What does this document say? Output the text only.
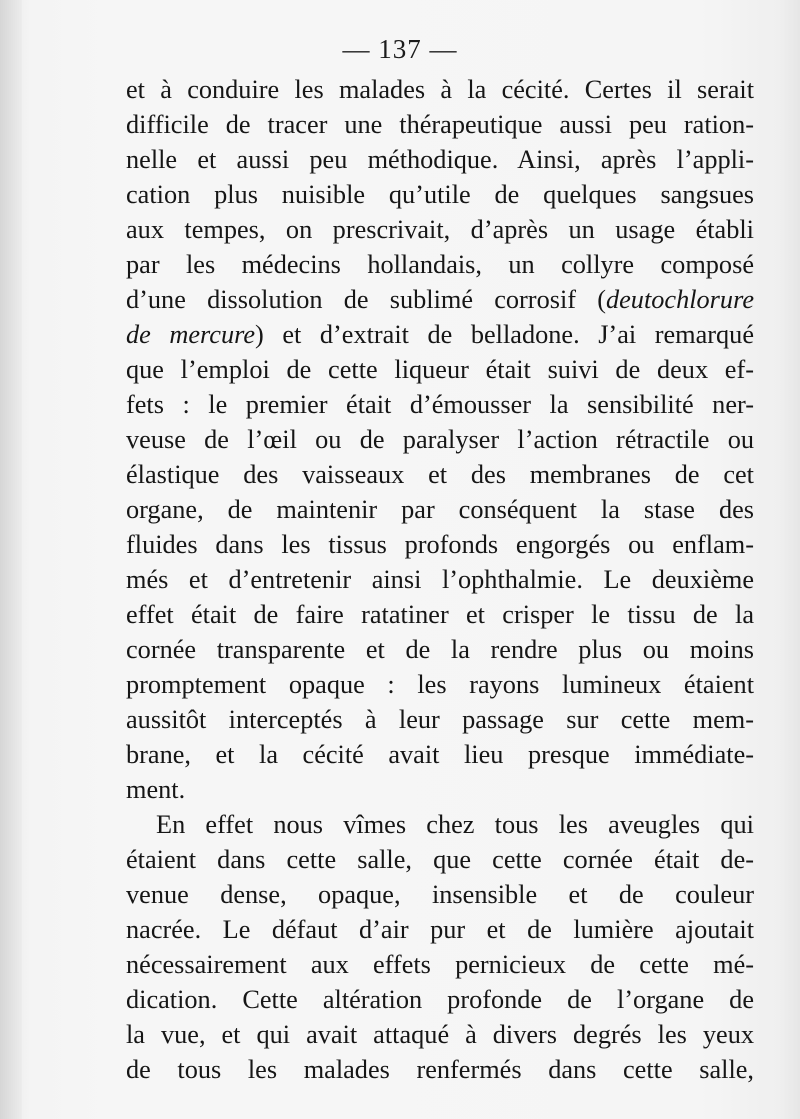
— 137 —
et à conduire les malades à la cécité. Certes il serait
difficile de tracer une thérapeutique aussi peu ration-
nelle et aussi peu méthodique. Ainsi, après l’appli-
cation plus nuisible qu’utile de quelques sangsues
aux tempes, on prescrivait, d’après un usage établi
par les médecins hollandais, un collyre composé
d’une dissolution de sublimé corrosif (deutochlorure
de mercure) et d’extrait de belladone. J’ai remarqué
que l’emploi de cette liqueur était suivi de deux ef-
fets : le premier était d’émousser la sensibilité ner-
veuse de l’œil ou de paralyser l’action rétractile ou
élastique des vaisseaux et des membranes de cet
organe, de maintenir par conséquent la stase des
fluides dans les tissus profonds engorgés ou enflam-
més et d’entretenir ainsi l’ophthalmie. Le deuxième
effet était de faire ratatiner et crisper le tissu de la
cornée transparente et de la rendre plus ou moins
promptement opaque : les rayons lumineux étaient
aussitôt interceptés à leur passage sur cette mem-
brane, et la cécité avait lieu presque immédiate-
ment.
En effet nous vîmes chez tous les aveugles qui
étaient dans cette salle, que cette cornée était de-
venue dense, opaque, insensible et de couleur
nacrée. Le défaut d’air pur et de lumière ajoutait
nécessairement aux effets pernicieux de cette mé-
dication. Cette altération profonde de l’organe de
la vue, et qui avait attaqué à divers degrés les yeux
de tous les malades renfermés dans cette salle,
